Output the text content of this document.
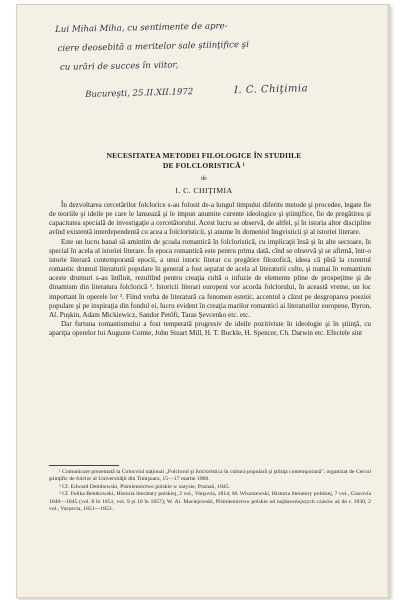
Lui Mihai Miha, cu sentimente de apre-
ciere deosebită a meritelor sale ştiinţifice şi
cu urări de succes în viitor,
Bucureşti, 25.II.XII.1972	I. C. Chiţimia
NECESITATEA METODEI FILOLOGICE ÎN STUDIILE
DE FOLCLORISTICĂ ¹
de
I. C. CHIŢIMIA

În dezvoltarea cercetărilor folclorice s-au folosit de-a lungul timpului diferite metode şi procedee, legate fie de teoriile şi ideile pe care le lansează şi le impun anumite curente ideologice şi ştiinţifice, fie de pregătirea şi capacitatea specială de investigaţie a cercetătorului. Acest lucru se observă, de altfel, şi în istoria altor discipline avînd existentă interdependentă cu acea a folcloristicii, şi anume în domeniul lingvisticii şi al istoriei literare.

Este un lucru banal să amintim de şcoala romantică în folcloristică, cu implicaţii însă şi în alte sectoare, în special în acela al istoriei literare. În epoca romantică este pentru prima dată, cînd se observă şi se afirmă, într-o istorie literară contemporană epocii, a unui istoric literar cu pregătire filozofică, ideea că pînă la curentul romantic drumul literaturii populare în general a fost separat de acela al literaturii culte, şi numai în romantism aceste drumuri s-au întîlnit, rezultînd pentru creaţia cultă o infuzie de elemente pline de prospeţime şi de dinamism din literatura folclorică ². Istoricii literari europeni vor acorda folclorului, în această vreme, un loc important în operele lor ³. Fiind vorba de literatură ca fenomen estetic, accentul a căzut pe desgroparea poeziei populare şi pe inspiraţia din fondul ei, lucru evident în creaţia marilor romantici ai literaturilor europene, Byron, Al. Puşkin, Adam Mickiewicz, Sandor Petöfi, Taras Şevcenko etc. etc.

Dar furtuna romantismului a fost temperată progresiv de ideile pozitiviste în ideologie şi în ştiinţă, cu apariţia operelor lui Auguste Comte, John Stuart Mill, H. T. Buckle, H. Spencer, Ch. Darwin etc. Efectele sint

¹ Comunicare prezentată la Colocviul naţional „Folclorul şi folcloristica în cultura populară şi ştiinţa contemporană", organizat de Cercul ştiinţific de folclor al Universităţii din Timişoara, 15—17 martie 1968.

² Cf. Edward Dembowski, Piśmiennictwo polskie w zarysie, Poznań, 1845.

³ Cf. Felika Bentkowski, Historia literatury polskiej, 2 vol., Varşovia, 1814; M. Wiszniewski, Historia literatury polskiej, 7 vol., Cracovia 1840—1845 (vol. 8 în 1851, vol. 9 şi 10 în 1857); W. Al. Maciejowski, Piśmiennictwo polskie od najdawniejszych czasów aż do r. 1830, 2 vol., Varşovia, 1851—1853.
